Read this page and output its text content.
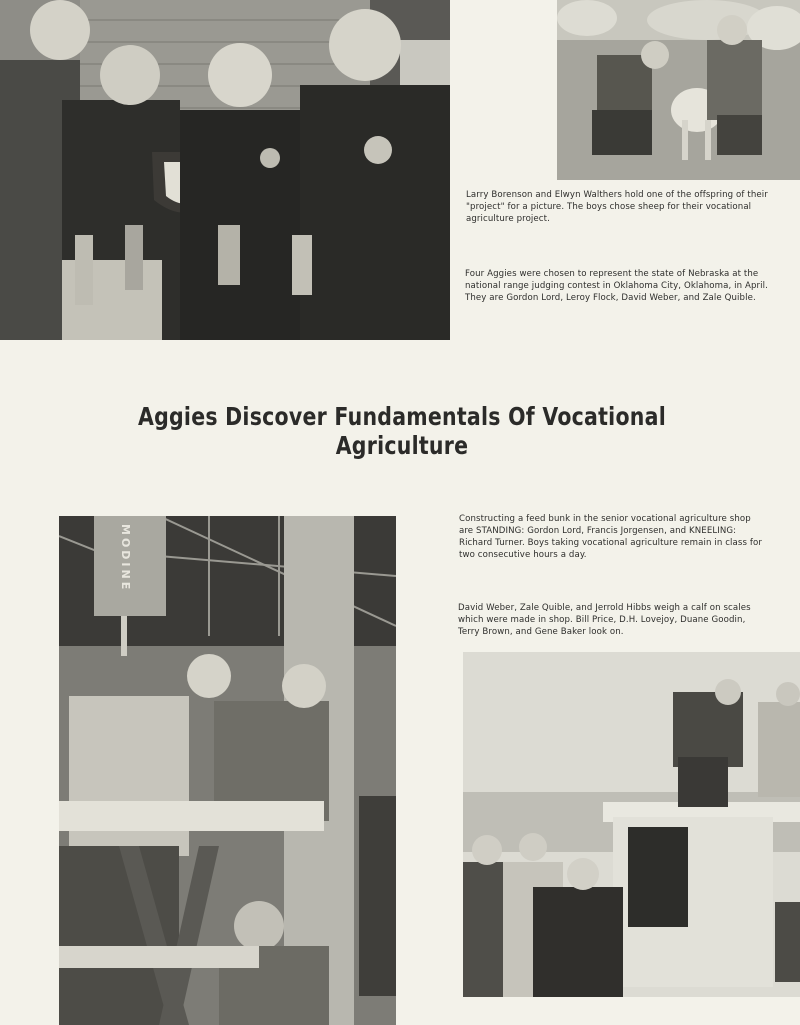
Larry Borenson and Elwyn Walthers hold one of the offspring of their "project" for a picture. The boys chose sheep for their vocational agriculture project.
Four Aggies were chosen to represent the state of Nebraska at the national range judging contest in Oklahoma City, Oklahoma, in April. They are Gordon Lord, Leroy Flock, David Weber, and Zale Quible.
Aggies Discover Fundamentals Of Vocational Agriculture
MODINE
Constructing a feed bunk in the senior vocational agriculture shop are STANDING: Gordon Lord, Francis Jorgensen, and KNEELING: Richard Turner. Boys taking vocational agriculture remain in class for two consecutive hours a day.
David Weber, Zale Quible, and Jerrold Hibbs weigh a calf on scales which were made in shop. Bill Price, D.H. Lovejoy, Duane Goodin, Terry Brown, and Gene Baker look on.
